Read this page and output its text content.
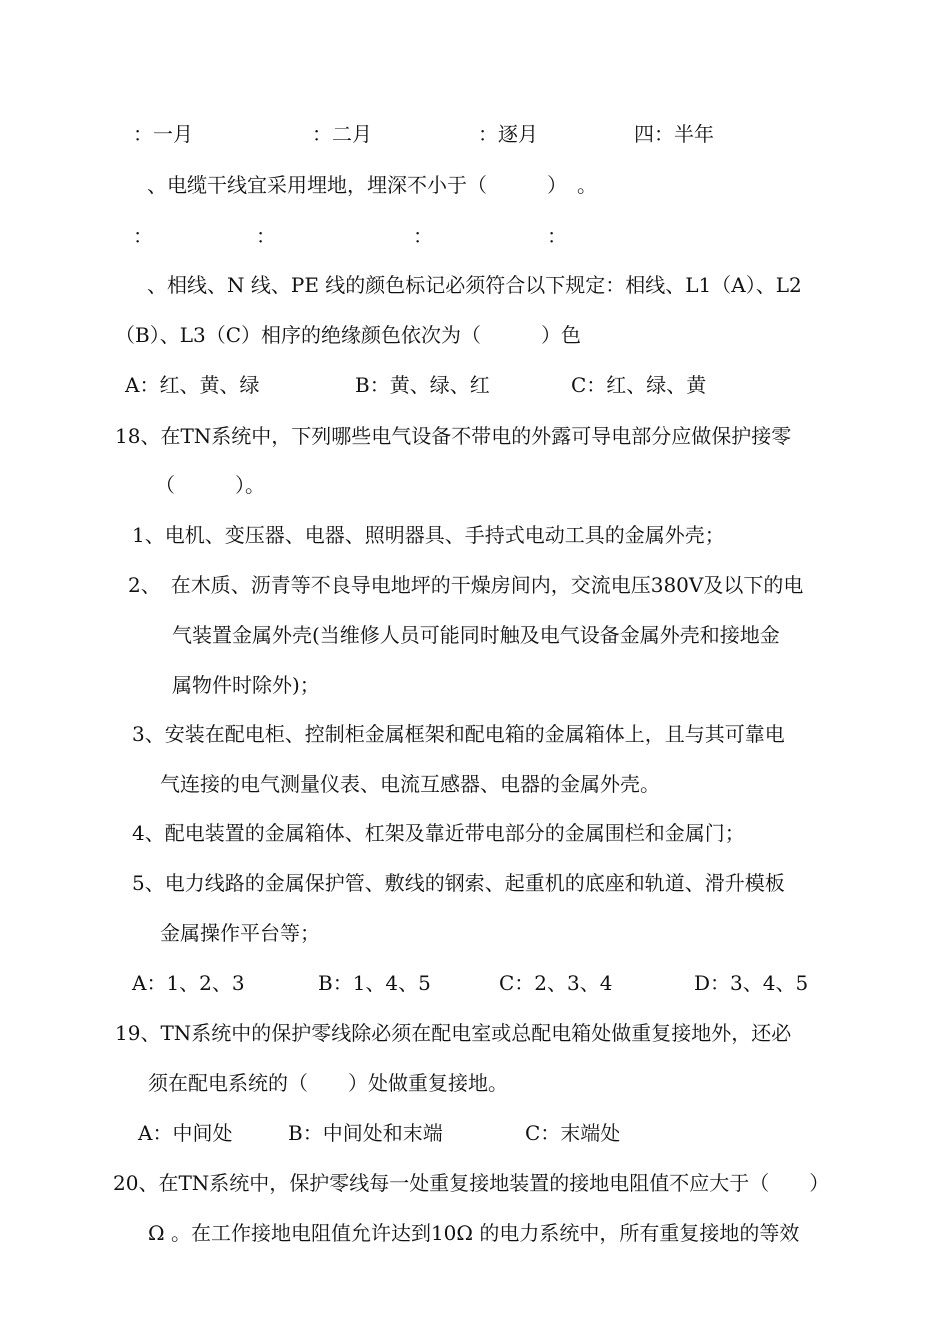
：一月	：二月	：逐月	四：半年
、电缆干线宜采用埋地，埋深不小于（　　　）　。
：	：	：	：
、相线、N 线、PE 线的颜色标记必须符合以下规定：相线、L1（A）、L2
（B）、L3（C）相序的绝缘颜色依次为（　　　）色
A：红、黄、绿	B：黄、绿、红	C：红、绿、黄
18、在TN系统中，下列哪些电气设备不带电的外露可导电部分应做保护接零
（　　　）。
1、电机、变压器、电器、照明器具、手持式电动工具的金属外壳；
2、　在木质、沥青等不良导电地坪的干燥房间内，交流电压380V及以下的电
气装置金属外壳(当维修人员可能同时触及电气设备金属外壳和接地金
属物件时除外)；
3、安装在配电柜、控制柜金属框架和配电箱的金属箱体上，且与其可靠电
气连接的电气测量仪表、电流互感器、电器的金属外壳。
4、配电装置的金属箱体、杠架及靠近带电部分的金属围栏和金属门；
5、电力线路的金属保护管、敷线的钢索、起重机的底座和轨道、滑升模板
金属操作平台等；
A：1、2、3	B：1、4、5	C：2、3、4	D：3、4、5
19、TN系统中的保护零线除必须在配电室或总配电箱处做重复接地外，还必
须在配电系统的（　　）处做重复接地。
A：中间处	B：中间处和末端	C：末端处
20、在TN系统中，保护零线每一处重复接地装置的接地电阻值不应大于（　　）
Ω 。在工作接地电阻值允许达到10Ω 的电力系统中，所有重复接地的等效
